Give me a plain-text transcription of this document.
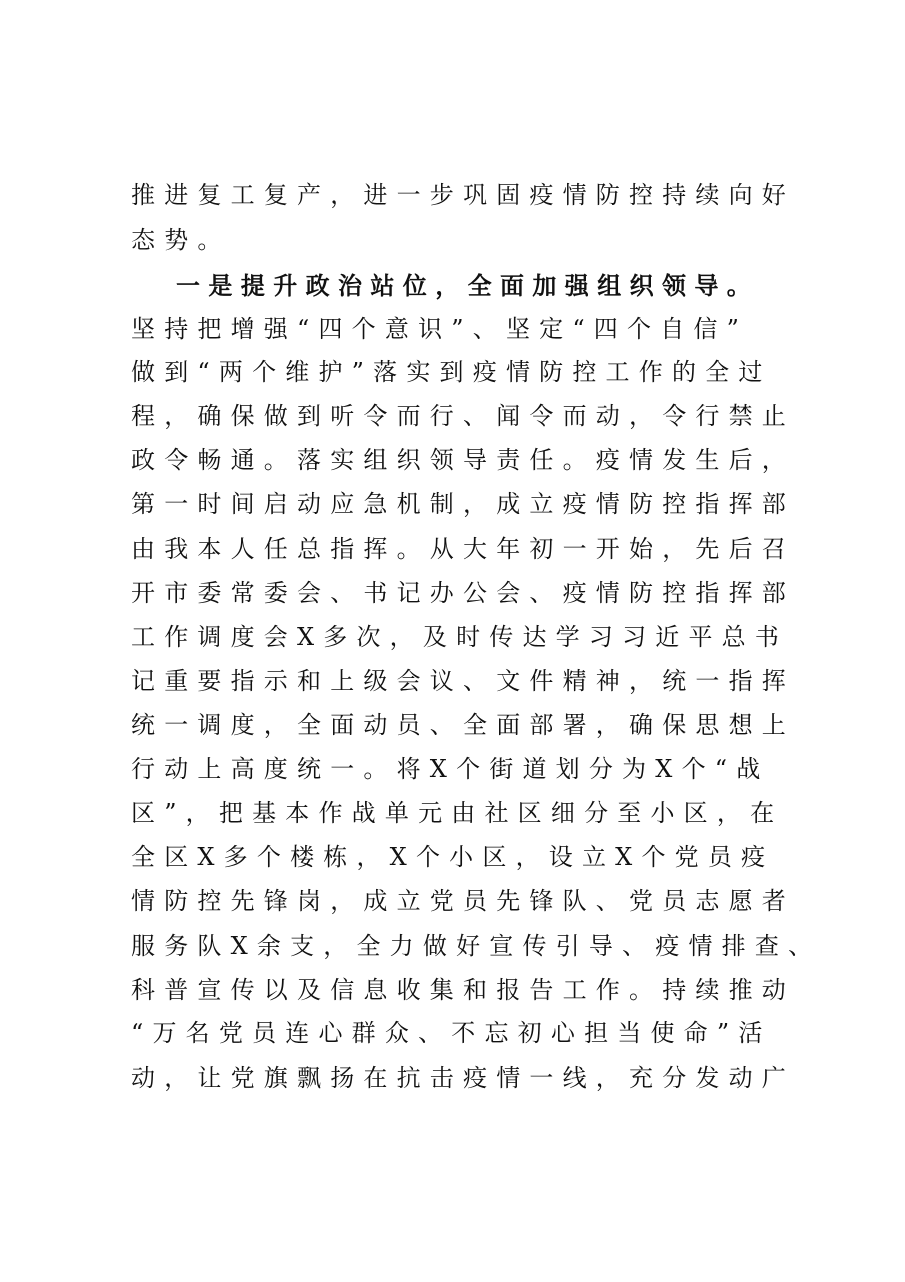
推进复工复产，进一步巩固疫情防控持续向好
态势。
一是提升政治站位，全面加强组织领导。
坚持把增强“四个意识”、坚定“四个自信”
做到“两个维护”落实到疫情防控工作的全过
程，确保做到听令而行、闻令而动，令行禁止
政令畅通。落实组织领导责任。疫情发生后，
第一时间启动应急机制，成立疫情防控指挥部
由我本人任总指挥。从大年初一开始，先后召
开市委常委会、书记办公会、疫情防控指挥部
工作调度会X多次，及时传达学习习近平总书
记重要指示和上级会议、文件精神，统一指挥
统一调度，全面动员、全面部署，确保思想上
行动上高度统一。将X个街道划分为X个“战
区”，把基本作战单元由社区细分至小区，在
全区X多个楼栋，X个小区，设立X个党员疫
情防控先锋岗，成立党员先锋队、党员志愿者
服务队X余支，全力做好宣传引导、疫情排查、
科普宣传以及信息收集和报告工作。持续推动
“万名党员连心群众、不忘初心担当使命”活
动，让党旗飘扬在抗击疫情一线，充分发动广
